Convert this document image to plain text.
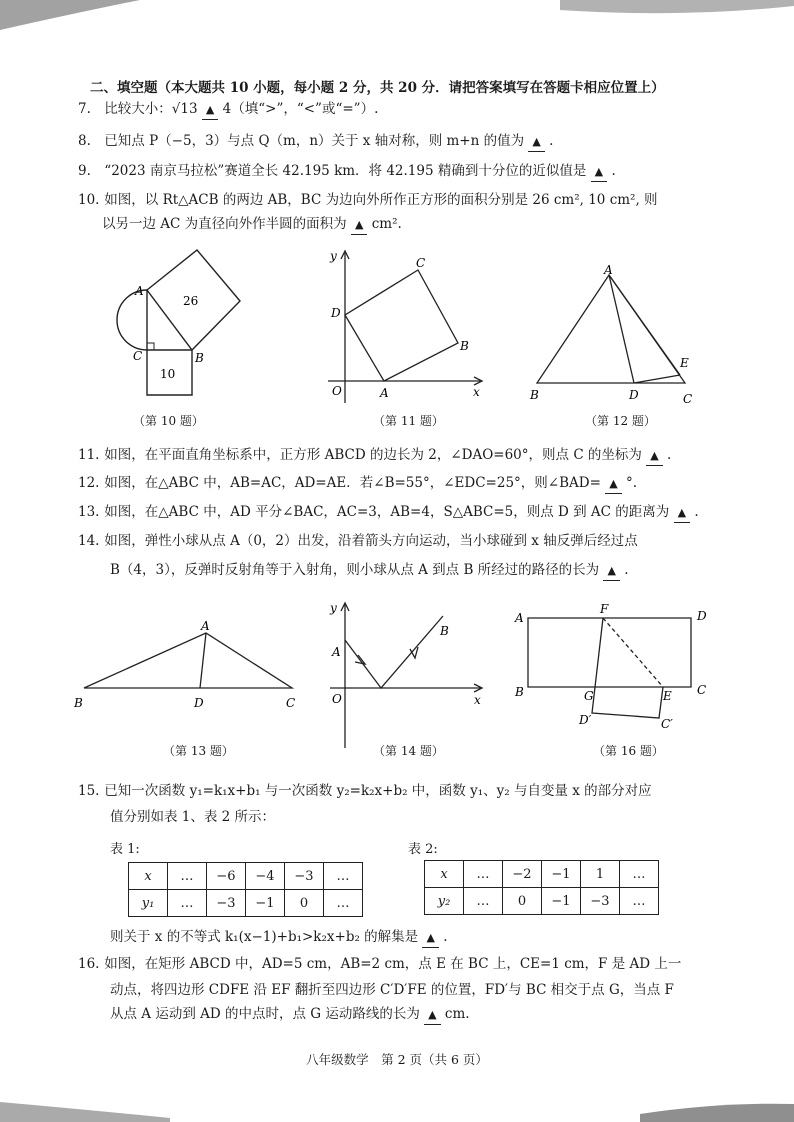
二、填空题（本大题共 10 小题，每小题 2 分，共 20 分．请把答案填写在答题卡相应位置上）
7. 比较大小：√13 ▲ 4（填“>”，“<”或“=”）.
8. 已知点 P（−5，3）与点 Q（m，n）关于 x 轴对称，则 m+n 的值为 ▲ .
9. “2023 南京马拉松”赛道全长 42.195 km．将 42.195 精确到十分位的近似值是 ▲ .
10. 如图，以 Rt△ACB 的两边 AB，BC 为边向外所作正方形的面积分别是 26 cm², 10 cm², 则
以另一边 AC 为直径向外作半圆的面积为 ▲ cm².
A
B
C
26
10
（第 10 题）
y
x
O	A
B
C
D
（第 11 题）
A
B	C
D
E
（第 12 题）
11. 如图，在平面直角坐标系中，正方形 ABCD 的边长为 2，∠DAO=60°，则点 C 的坐标为 ▲ .
12. 如图，在△ABC 中，AB=AC，AD=AE．若∠B=55°，∠EDC=25°，则∠BAD= ▲ °.
13. 如图，在△ABC 中，AD 平分∠BAC，AC=3，AB=4，S△ABC=5，则点 D 到 AC 的距离为 ▲ .
14. 如图，弹性小球从点 A（0，2）出发，沿着箭头方向运动，当小球碰到 x 轴反弹后经过点
B（4，3），反弹时反射角等于入射角，则小球从点 A 到点 B 所经过的路径的长为 ▲ .
A
B	C
D
（第 13 题）
y
x
O
A
B
（第 14 题）
A
B	C
D
E
F
G
D′	C′
（第 16 题）
15. 已知一次函数 y₁=k₁x+b₁ 与一次函数 y₂=k₂x+b₂ 中，函数 y₁、y₂ 与自变量 x 的部分对应
值分别如表 1、表 2 所示：
表 1:
x	…	−6	−4	−3	…
y₁	…	−3	−1	0	…
表 2:
x	…	−2	−1	1	…
y₂	…	0	−1	−3	…
则关于 x 的不等式 k₁(x−1)+b₁>k₂x+b₂ 的解集是 ▲ .
16. 如图，在矩形 ABCD 中，AD=5 cm，AB=2 cm，点 E 在 BC 上，CE=1 cm，F 是 AD 上一
动点，将四边形 CDFE 沿 EF 翻折至四边形 C′D′FE 的位置，FD′与 BC 相交于点 G，当点 F
从点 A 运动到 AD 的中点时，点 G 运动路线的长为 ▲ cm.
八年级数学　第 2 页（共 6 页）
